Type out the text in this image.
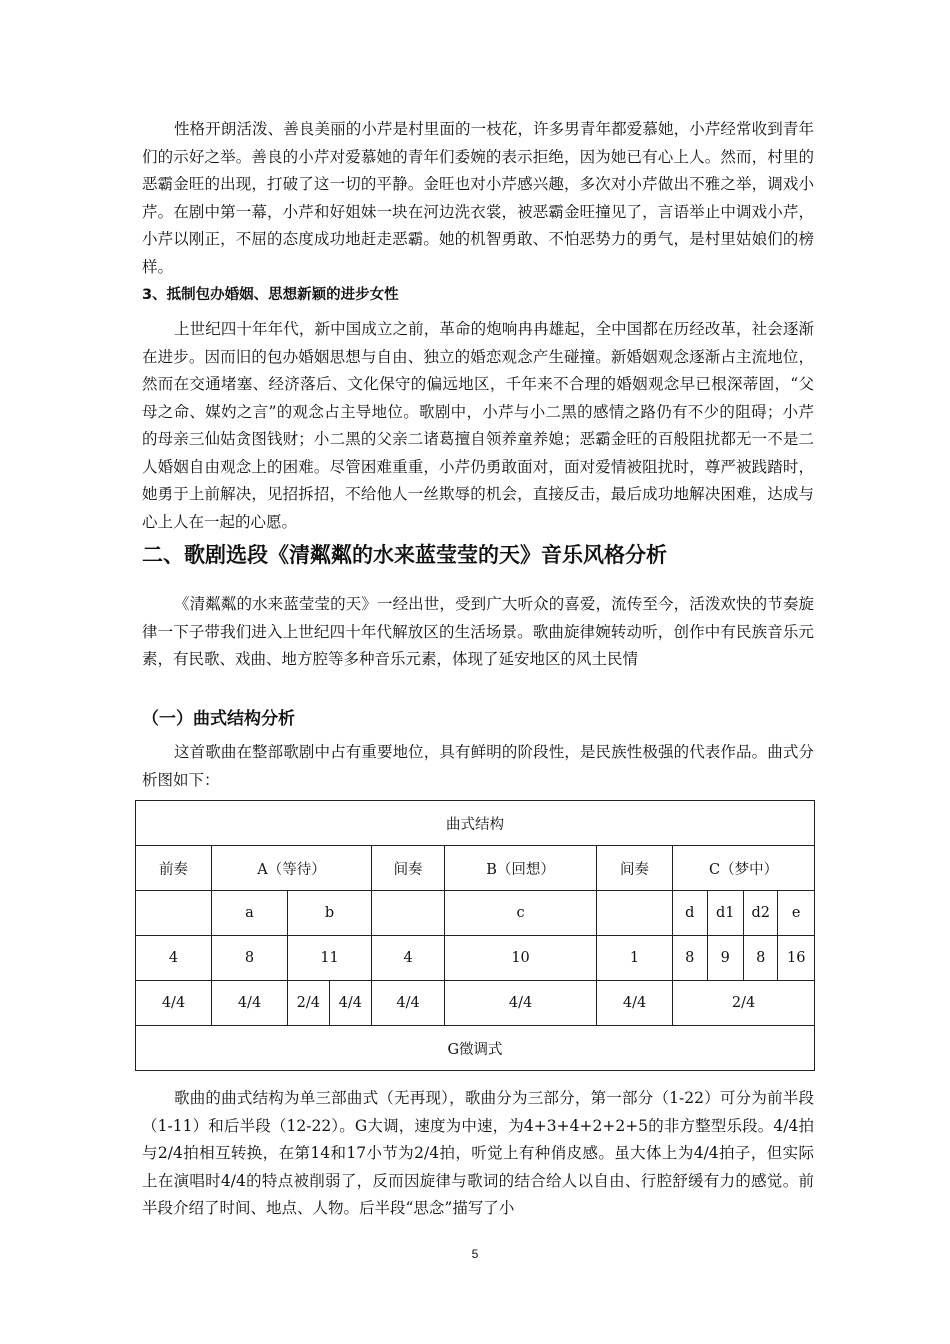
性格开朗活泼、善良美丽的小芹是村里面的一枝花，许多男青年都爱慕她，小芹经常收到青年们的示好之举。善良的小芹对爱慕她的青年们委婉的表示拒绝，因为她已有心上人。然而，村里的恶霸金旺的出现，打破了这一切的平静。金旺也对小芹感兴趣，多次对小芹做出不雅之举，调戏小芹。在剧中第一幕，小芹和好姐妹一块在河边洗衣裳，被恶霸金旺撞见了，言语举止中调戏小芹，小芹以刚正，不屈的态度成功地赶走恶霸。她的机智勇敢、不怕恶势力的勇气，是村里姑娘们的榜样。

3、抵制包办婚姻、思想新颖的进步女性

上世纪四十年年代，新中国成立之前，革命的炮响冉冉雄起，全中国都在历经改革，社会逐渐在进步。因而旧的包办婚姻思想与自由、独立的婚恋观念产生碰撞。新婚姻观念逐渐占主流地位，然而在交通堵塞、经济落后、文化保守的偏远地区，千年来不合理的婚姻观念早已根深蒂固，“父母之命、媒妁之言”的观念占主导地位。歌剧中，小芹与小二黑的感情之路仍有不少的阻碍；小芹的母亲三仙姑贪图钱财；小二黑的父亲二诸葛擅自领养童养媳；恶霸金旺的百般阻扰都无一不是二人婚姻自由观念上的困难。尽管困难重重，小芹仍勇敢面对，面对爱情被阻扰时，尊严被践踏时，她勇于上前解决，见招拆招，不给他人一丝欺辱的机会，直接反击，最后成功地解决困难，达成与心上人在一起的心愿。

二、歌剧选段《清粼粼的水来蓝莹莹的天》音乐风格分析

《清粼粼的水来蓝莹莹的天》一经出世，受到广大听众的喜爱，流传至今，活泼欢快的节奏旋律一下子带我们进入上世纪四十年代解放区的生活场景。歌曲旋律婉转动听，创作中有民族音乐元素，有民歌、戏曲、地方腔等多种音乐元素，体现了延安地区的风土民情

（一）曲式结构分析

这首歌曲在整部歌剧中占有重要地位，具有鲜明的阶段性，是民族性极强的代表作品。曲式分析图如下：

曲式结构										
前奏	A（等待）			间奏	B（回想）	间奏	C（梦中）			
	a	b			c		d	d1	d2	e
4	8	11		4	10	1	8	9	8	16
4/4	4/4	2/4	4/4	4/4	4/4	4/4	2/4			
G徵调式										

歌曲的曲式结构为单三部曲式（无再现），歌曲分为三部分，第一部分（1-22）可分为前半段（1-11）和后半段（12-22）。G大调，速度为中速，为4+3+4+2+2+5的非方整型乐段。4/4拍与2/4拍相互转换，在第14和17小节为2/4拍，听觉上有种俏皮感。虽大体上为4/4拍子，但实际上在演唱时4/4的特点被削弱了，反而因旋律与歌词的结合给人以自由、行腔舒缓有力的感觉。前半段介绍了时间、地点、人物。后半段“思念”描写了小

5
